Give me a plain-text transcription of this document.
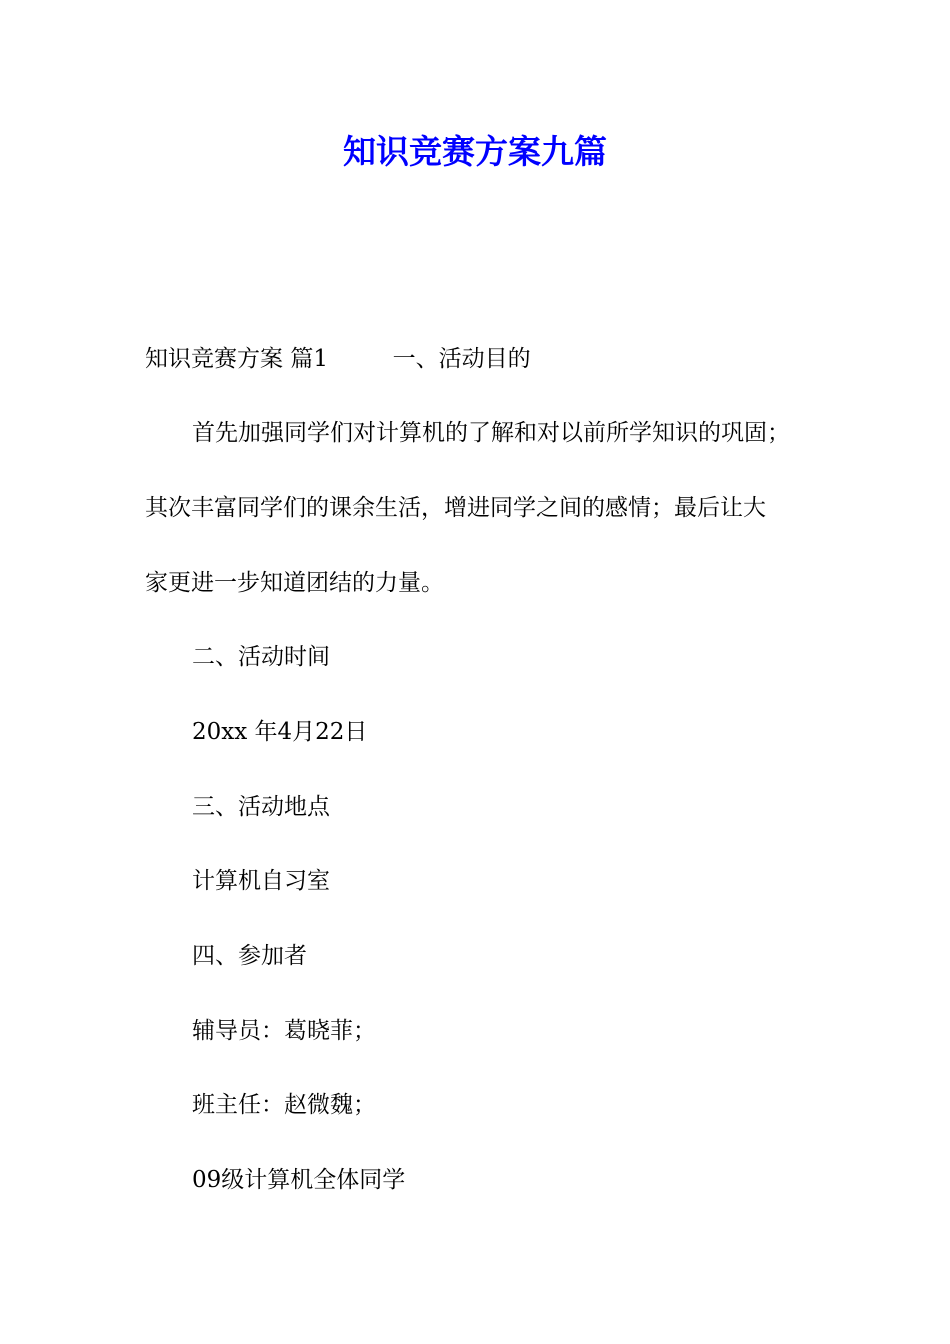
知识竞赛方案九篇

知识竞赛方案 篇1	一、活动目的

首先加强同学们对计算机的了解和对以前所学知识的巩固；

其次丰富同学们的课余生活，增进同学之间的感情；最后让大

家更进一步知道团结的力量。

二、活动时间

20xx 年4月22日

三、活动地点

计算机自习室

四、参加者

辅导员：葛晓菲；

班主任：赵微魏；

09级计算机全体同学
